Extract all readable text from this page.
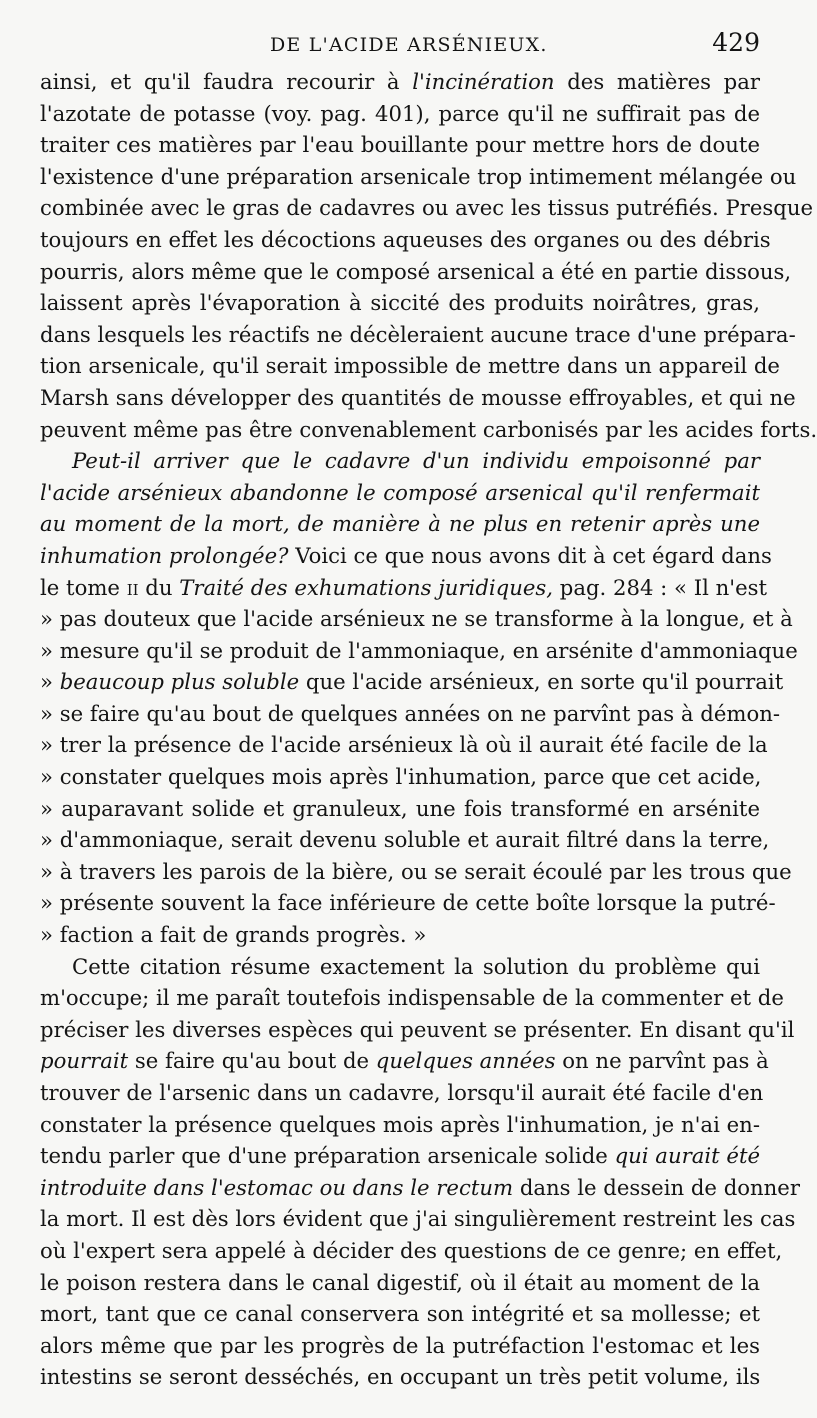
DE L'ACIDE ARSÉNIEUX.	429
ainsi, et qu'il faudra recourir à l'incinération des matières par
l'azotate de potasse (voy. pag. 401), parce qu'il ne suffirait pas de
traiter ces matières par l'eau bouillante pour mettre hors de doute
l'existence d'une préparation arsenicale trop intimement mélangée ou
combinée avec le gras de cadavres ou avec les tissus putréfiés. Presque
toujours en effet les décoctions aqueuses des organes ou des débris
pourris, alors même que le composé arsenical a été en partie dissous,
laissent après l'évaporation à siccité des produits noirâtres, gras,
dans lesquels les réactifs ne décèleraient aucune trace d'une prépara-
tion arsenicale, qu'il serait impossible de mettre dans un appareil de
Marsh sans développer des quantités de mousse effroyables, et qui ne
peuvent même pas être convenablement carbonisés par les acides forts.
Peut-il arriver que le cadavre d'un individu empoisonné par
l'acide arsénieux abandonne le composé arsenical qu'il renfermait
au moment de la mort, de manière à ne plus en retenir après une
inhumation prolongée? Voici ce que nous avons dit à cet égard dans
le tome ii du Traité des exhumations juridiques, pag. 284 : « Il n'est
» pas douteux que l'acide arsénieux ne se transforme à la longue, et à
» mesure qu'il se produit de l'ammoniaque, en arsénite d'ammoniaque
» beaucoup plus soluble que l'acide arsénieux, en sorte qu'il pourrait
» se faire qu'au bout de quelques années on ne parvînt pas à démon-
» trer la présence de l'acide arsénieux là où il aurait été facile de la
» constater quelques mois après l'inhumation, parce que cet acide,
» auparavant solide et granuleux, une fois transformé en arsénite
» d'ammoniaque, serait devenu soluble et aurait filtré dans la terre,
» à travers les parois de la bière, ou se serait écoulé par les trous que
» présente souvent la face inférieure de cette boîte lorsque la putré-
» faction a fait de grands progrès. »
Cette citation résume exactement la solution du problème qui
m'occupe; il me paraît toutefois indispensable de la commenter et de
préciser les diverses espèces qui peuvent se présenter. En disant qu'il
pourrait se faire qu'au bout de quelques années on ne parvînt pas à
trouver de l'arsenic dans un cadavre, lorsqu'il aurait été facile d'en
constater la présence quelques mois après l'inhumation, je n'ai en-
tendu parler que d'une préparation arsenicale solide qui aurait été
introduite dans l'estomac ou dans le rectum dans le dessein de donner
la mort. Il est dès lors évident que j'ai singulièrement restreint les cas
où l'expert sera appelé à décider des questions de ce genre; en effet,
le poison restera dans le canal digestif, où il était au moment de la
mort, tant que ce canal conservera son intégrité et sa mollesse; et
alors même que par les progrès de la putréfaction l'estomac et les
intestins se seront desséchés, en occupant un très petit volume, ils
